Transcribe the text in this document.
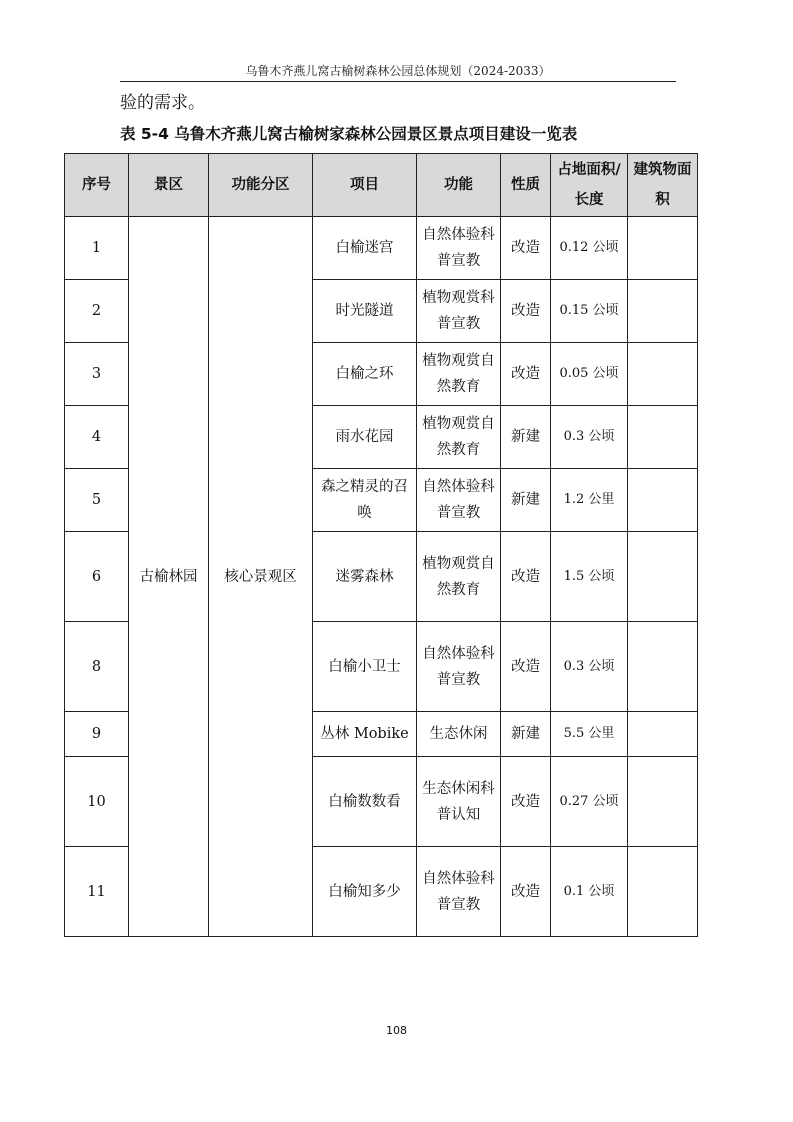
乌鲁木齐燕儿窝古榆树森林公园总体规划（2024-2033）
验的需求。
表 5-4 乌鲁木齐燕儿窝古榆树家森林公园景区景点项目建设一览表
序号	景区	功能分区	项目	功能	性质	占地面积/长度	建筑物面积
1	古榆林园	核心景观区	白榆迷宫	自然体验科普宣教	改造	0.12 公顷	
2			时光隧道	植物观赏科普宣教	改造	0.15 公顷	
3			白榆之环	植物观赏自然教育	改造	0.05 公顷	
4			雨水花园	植物观赏自然教育	新建	0.3 公顷	
5			森之精灵的召唤	自然体验科普宣教	新建	1.2 公里	
6			迷雾森林	植物观赏自然教育	改造	1.5 公顷	
8			白榆小卫士	自然体验科普宣教	改造	0.3 公顷	
9			丛林 Mobike	生态休闲	新建	5.5 公里	
10			白榆数数看	生态休闲科普认知	改造	0.27 公顷	
11			白榆知多少	自然体验科普宣教	改造	0.1 公顷	
108
